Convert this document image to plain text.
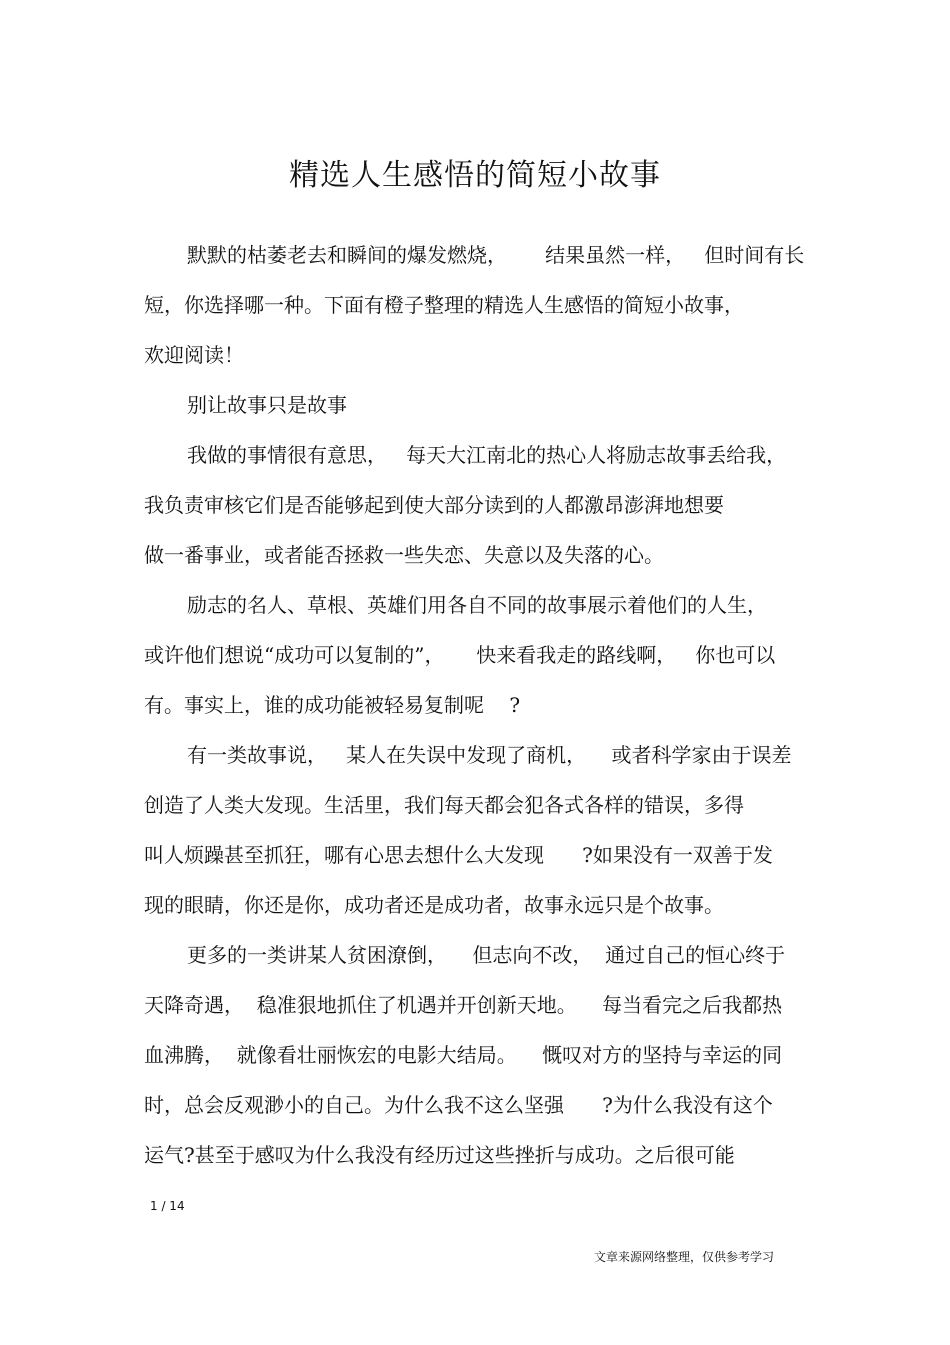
精选人生感悟的简短小故事
默默的枯萎老去和瞬间的爆发燃烧，      结果虽然一样，   但时间有长
短，你选择哪一种。下面有橙子整理的精选人生感悟的简短小故事，
欢迎阅读！
别让故事只是故事
我做的事情很有意思，   每天大江南北的热心人将励志故事丢给我，
我负责审核它们是否能够起到使大部分读到的人都激昂澎湃地想要
做一番事业，或者能否拯救一些失恋、失意以及失落的心。
励志的名人、草根、英雄们用各自不同的故事展示着他们的人生，
或许他们想说“成功可以复制的”，     快来看我走的路线啊，   你也可以
有。事实上，谁的成功能被轻易复制呢    ?
有一类故事说，   某人在失误中发现了商机，    或者科学家由于误差
创造了人类大发现。生活里，我们每天都会犯各式各样的错误，多得
叫人烦躁甚至抓狂，哪有心思去想什么大发现      ?如果没有一双善于发
现的眼睛，你还是你，成功者还是成功者，故事永远只是个故事。
更多的一类讲某人贫困潦倒，    但志向不改，  通过自己的恒心终于
天降奇遇，  稳准狠地抓住了机遇并开创新天地。    每当看完之后我都热
血沸腾，  就像看壮丽恢宏的电影大结局。    慨叹对方的坚持与幸运的同
时，总会反观渺小的自己。为什么我不这么坚强      ?为什么我没有这个
运气?甚至于感叹为什么我没有经历过这些挫折与成功。之后很可能
1 / 14
文章来源网络整理，仅供参考学习
